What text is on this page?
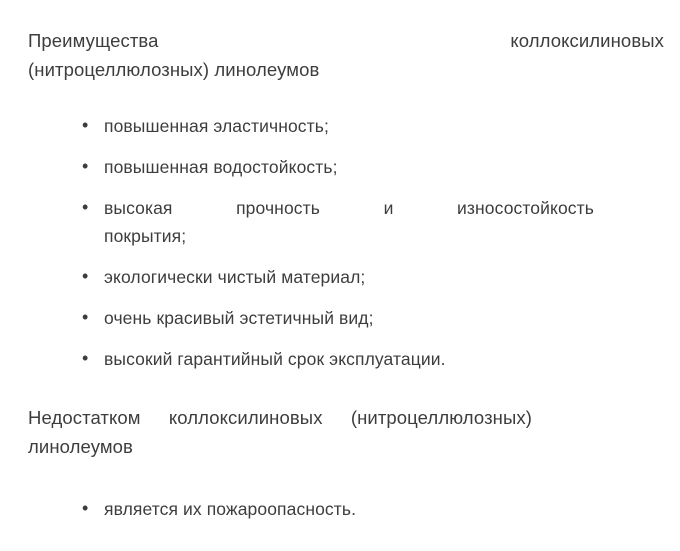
Преимущества	коллоксилиновых
(нитроцеллюлозных) линолеумов

• повышенная эластичность;
• повышенная водостойкость;
• высокая	прочность	и	износостойкость
покрытия;
• экологически чистый материал;
• очень красивый эстетичный вид;
• высокий гарантийный срок эксплуатации.

Недостатком коллоксилиновых (нитроцеллюлозных)
линолеумов

• является их пожароопасность.
